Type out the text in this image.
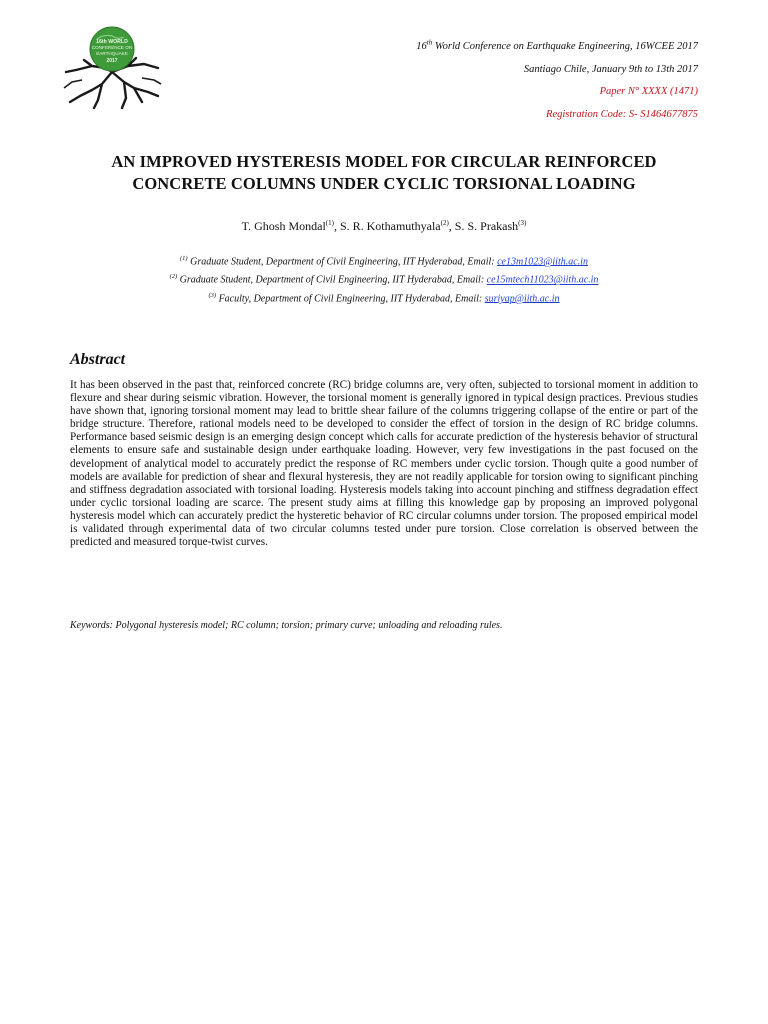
16th WORLD
CONFERENCE ON
EARTHQUAKE
2017
16th World Conference on Earthquake Engineering, 16WCEE 2017
Santiago Chile, January 9th to 13th 2017
Paper N° XXXX (1471)
Registration Code: S- S1464677875
AN IMPROVED HYSTERESIS MODEL FOR CIRCULAR REINFORCED
CONCRETE COLUMNS UNDER CYCLIC TORSIONAL LOADING
T. Ghosh Mondal$^{(1)}$, S. R. Kothamuthyala$^{(2)}$, S. S. Prakash$^{(3)}$
$^{(1)}$ Graduate Student, Department of Civil Engineering, IIT Hyderabad, Email: ce13m1023@iith.ac.in
$^{(2)}$ Graduate Student, Department of Civil Engineering, IIT Hyderabad, Email: ce15mtech11023@iith.ac.in
$^{(3)}$ Faculty, Department of Civil Engineering, IIT Hyderabad, Email: suriyap@iith.ac.in
Abstract
It has been observed in the past that, reinforced concrete (RC) bridge columns are, very often, subjected to torsional moment in addition to flexure and shear during seismic vibration. However, the torsional moment is generally ignored in typical design practices. Previous studies have shown that, ignoring torsional moment may lead to brittle shear failure of the columns triggering collapse of the entire or part of the bridge structure. Therefore, rational models need to be developed to consider the effect of torsion in the design of RC bridge columns. Performance based seismic design is an emerging design concept which calls for accurate prediction of the hysteresis behavior of structural elements to ensure safe and sustainable design under earthquake loading. However, very few investigations in the past focused on the development of analytical model to accurately predict the response of RC members under cyclic torsion. Though quite a good number of models are available for prediction of shear and flexural hysteresis, they are not readily applicable for torsion owing to significant pinching and stiffness degradation associated with torsional loading. Hysteresis models taking into account pinching and stiffness degradation effect under cyclic torsional loading are scarce. The present study aims at filling this knowledge gap by proposing an improved polygonal hysteresis model which can accurately predict the hysteretic behavior of RC circular columns under torsion. The proposed empirical model is validated through experimental data of two circular columns tested under pure torsion. Close correlation is observed between the predicted and measured torque-twist curves.
Keywords: Polygonal hysteresis model; RC column; torsion; primary curve; unloading and reloading rules.
